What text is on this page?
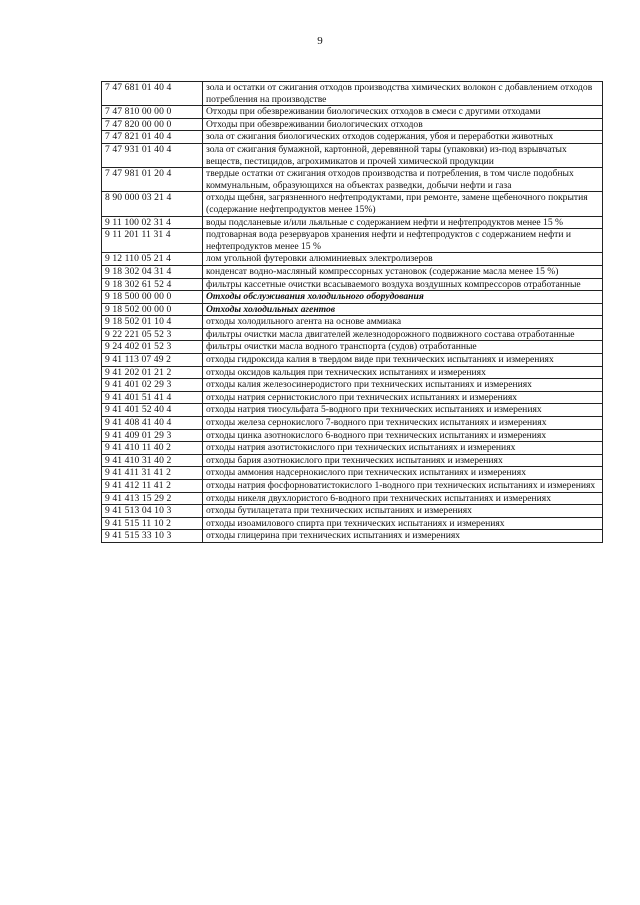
9
7 47 681 01 40 4	зола и остатки от сжигания отходов производства химических волокон с добавлением отходов потребления на производстве
7 47 810 00 00 0	Отходы при обезвреживании биологических отходов в смеси с другими отходами
7 47 820 00 00 0	Отходы при обезвреживании биологических отходов
7 47 821 01 40 4	зола от сжигания биологических отходов содержания, убоя и переработки животных
7 47 931 01 40 4	зола от сжигания бумажной, картонной, деревянной тары (упаковки) из-под взрывчатых веществ, пестицидов, агрохимикатов и прочей химической продукции
7 47 981 01 20 4	твердые остатки от сжигания отходов производства и потребления, в том числе подобных коммунальным, образующихся на объектах разведки, добычи нефти и газа
8 90 000 03 21 4	отходы щебня, загрязненного нефтепродуктами, при ремонте, замене щебеночного покрытия (содержание нефтепродуктов менее 15%)
9 11 100 02 31 4	воды подсланевые и/или льяльные с содержанием нефти и нефтепродуктов менее 15 %
9 11 201 11 31 4	подтоварная вода резервуаров хранения нефти и нефтепродуктов с содержанием нефти и нефтепродуктов менее 15 %
9 12 110 05 21 4	лом угольной футеровки алюминиевых электролизеров
9 18 302 04 31 4	конденсат водно-масляный компрессорных установок (содержание масла менее 15 %)
9 18 302 61 52 4	фильтры кассетные очистки всасываемого воздуха воздушных компрессоров отработанные
9 18 500 00 00 0	Отходы обслуживания холодильного оборудования
9 18 502 00 00 0	Отходы холодильных агентов
9 18 502 01 10 4	отходы холодильного агента на основе аммиака
9 22 221 05 52 3	фильтры очистки масла двигателей железнодорожного подвижного состава отработанные
9 24 402 01 52 3	фильтры очистки масла водного транспорта (судов) отработанные
9 41 113 07 49 2	отходы гидроксида калия в твердом виде при технических испытаниях и измерениях
9 41 202 01 21 2	отходы оксидов кальция при технических испытаниях и измерениях
9 41 401 02 29 3	отходы калия железосинеродистого при технических испытаниях и измерениях
9 41 401 51 41 4	отходы натрия сернистокислого при технических испытаниях и измерениях
9 41 401 52 40 4	отходы натрия тиосульфата 5-водного при технических испытаниях и измерениях
9 41 408 41 40 4	отходы железа сернокислого 7-водного при технических испытаниях и измерениях
9 41 409 01 29 3	отходы цинка азотнокислого 6-водного при технических испытаниях и измерениях
9 41 410 11 40 2	отходы натрия азотистокислого при технических испытаниях и измерениях
9 41 410 31 40 2	отходы бария азотнокислого при технических испытаниях и измерениях
9 41 411 31 41 2	отходы аммония надсернокислого при технических испытаниях и измерениях
9 41 412 11 41 2	отходы натрия фосфорноватистокислого 1-водного при технических испытаниях и измерениях
9 41 413 15 29 2	отходы никеля двухлористого 6-водного при технических испытаниях и измерениях
9 41 513 04 10 3	отходы бутилацетата при технических испытаниях и измерениях
9 41 515 11 10 2	отходы изоамилового спирта при технических испытаниях и измерениях
9 41 515 33 10 3	отходы глицерина при технических испытаниях и измерениях
